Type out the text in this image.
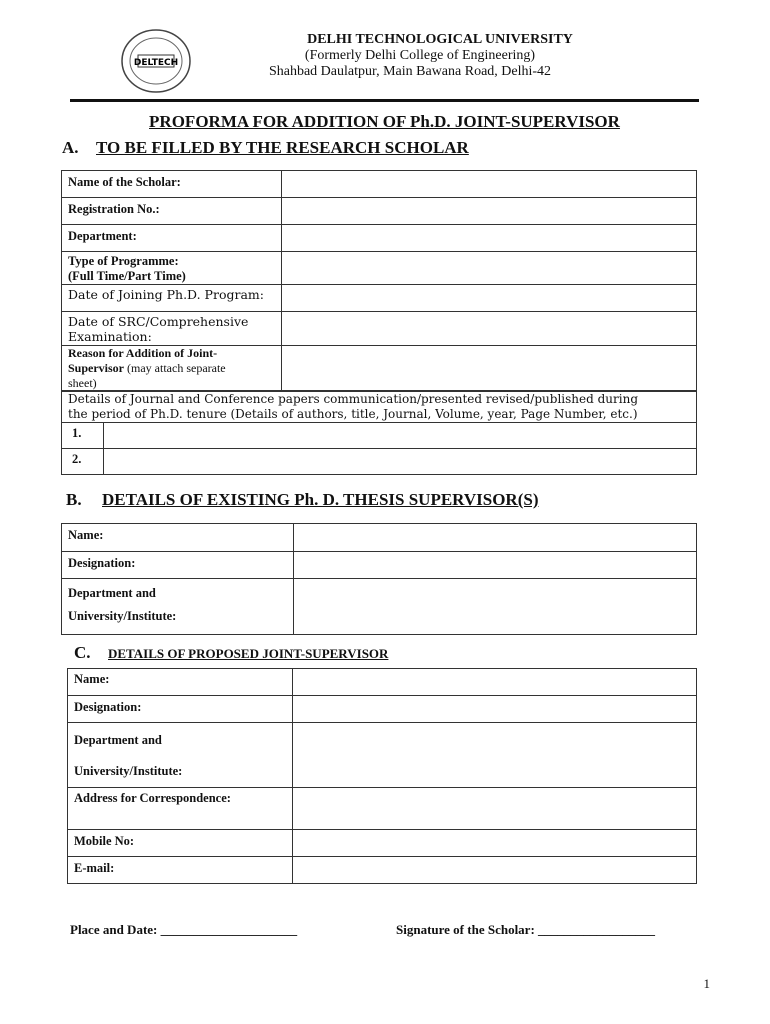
DELTECH
DELHI TECHNOLOGICAL UNIVERSITY
(Formerly Delhi College of Engineering)
Shahbad Daulatpur, Main Bawana Road, Delhi-42
PROFORMA FOR ADDITION OF Ph.D. JOINT-SUPERVISOR
A. TO BE FILLED BY THE RESEARCH SCHOLAR
Name of the Scholar:	
Registration No.:	
Department:	

Type of Programme:
(Full Time/Part Time)	

Date of Joining Ph.D. Program:	

Date of SRC/Comprehensive
Examination:	

Reason for Addition of Joint-
Supervisor (may attach separate
sheet)	

Details of Journal and Conference papers communication/presented revised/published during
the period of Ph.D. tenure (Details of authors, title, Journal, Volume, year, Page Number, etc.)	

1.	
2.	
B. DETAILS OF EXISTING Ph. D. THESIS SUPERVISOR(S)
Name:	
Designation:	

Department and
University/Institute:	

C. DETAILS OF PROPOSED JOINT-SUPERVISOR
Name:	
Designation:	

Department and
University/Institute:	

Address for Correspondence:	
Mobile No:	
E-mail:	
Place and Date: _____________________	Signature of the Scholar: __________________
1
